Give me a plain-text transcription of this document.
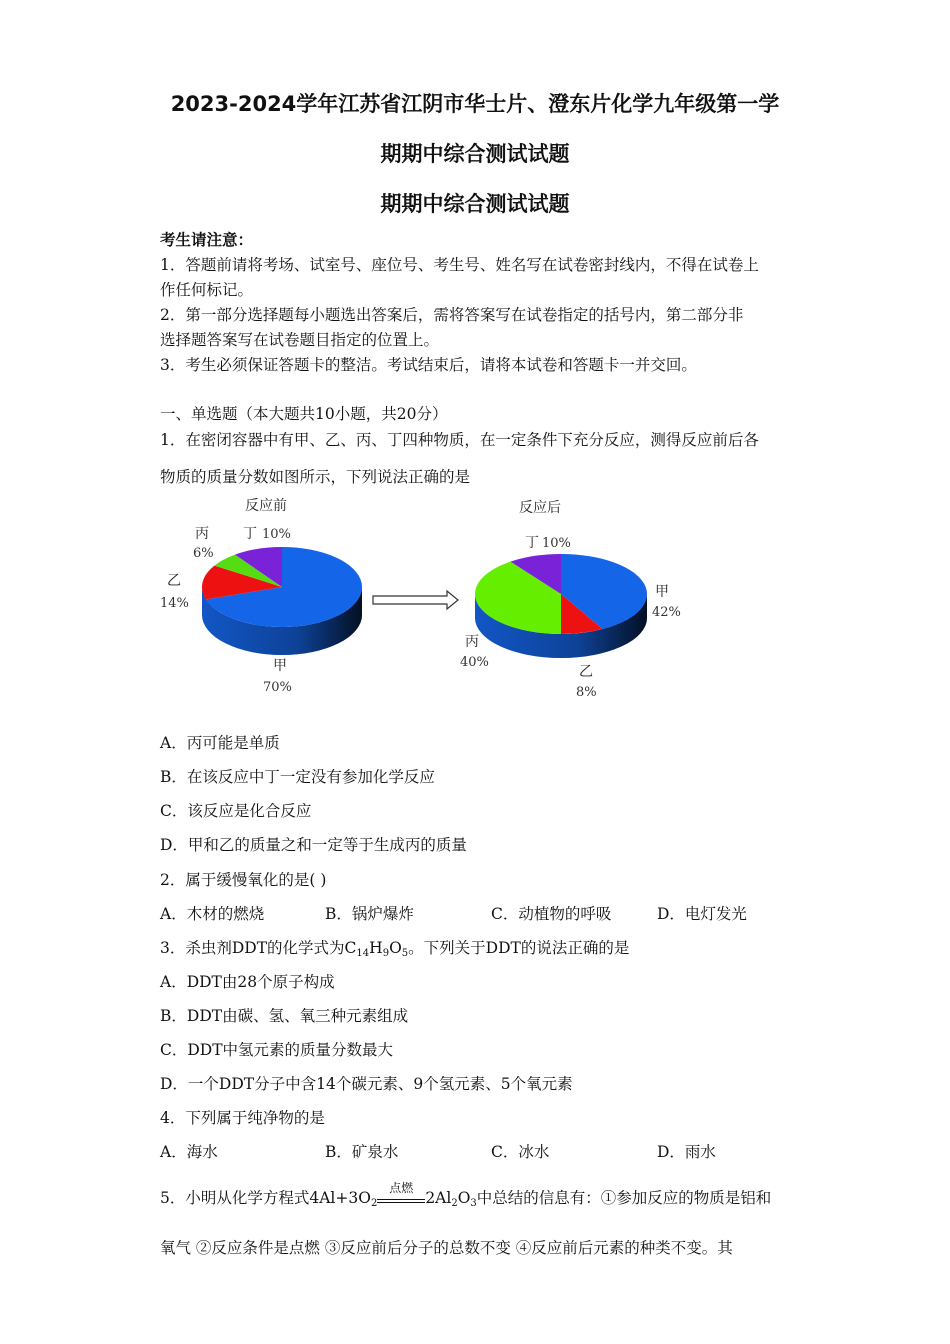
2023-2024学年江苏省江阴市华士片、澄东片化学九年级第一学
期期中综合测试试题
期期中综合测试试题
考生请注意：
1．答题前请将考场、试室号、座位号、考生号、姓名写在试卷密封线内，不得在试卷上
作任何标记。
2．第一部分选择题每小题选出答案后，需将答案写在试卷指定的括号内，第二部分非
选择题答案写在试卷题目指定的位置上。
3．考生必须保证答题卡的整洁。考试结束后，请将本试卷和答题卡一并交回。
一、单选题（本大题共10小题，共20分）
1．在密闭容器中有甲、乙、丙、丁四种物质，在一定条件下充分反应，测得反应前后各
物质的质量分数如图所示，下列说法正确的是
反应前
丙
6%
丁 10%
乙
14%
甲
70%
反应后
丁 10%
甲
42%
丙
40%
乙
8%
A．丙可能是单质
B．在该反应中丁一定没有参加化学反应
C．该反应是化合反应
D．甲和乙的质量之和一定等于生成丙的质量
2．属于缓慢氧化的是( )
A．木材的燃烧	B．锅炉爆炸	C．动植物的呼吸	D．电灯发光
3．杀虫剂DDT的化学式为$C_{14}H_9O_5$。下列关于DDT的说法正确的是
A．DDT由28个原子构成
B．DDT由碳、氢、氧三种元素组成
C．DDT中氢元素的质量分数最大
D．一个DDT分子中含14个碳元素、9个氢元素、5个氧元素
4．下列属于纯净物的是
A．海水	B．矿泉水	C．冰水	D．雨水
5．小明从化学方程式$4Al+3O_2$
点燃
$2Al_2O_3$中总结的信息有：①参加反应的物质是铝和
氧气 ②反应条件是点燃 ③反应前后分子的总数不变 ④反应前后元素的种类不变。其
